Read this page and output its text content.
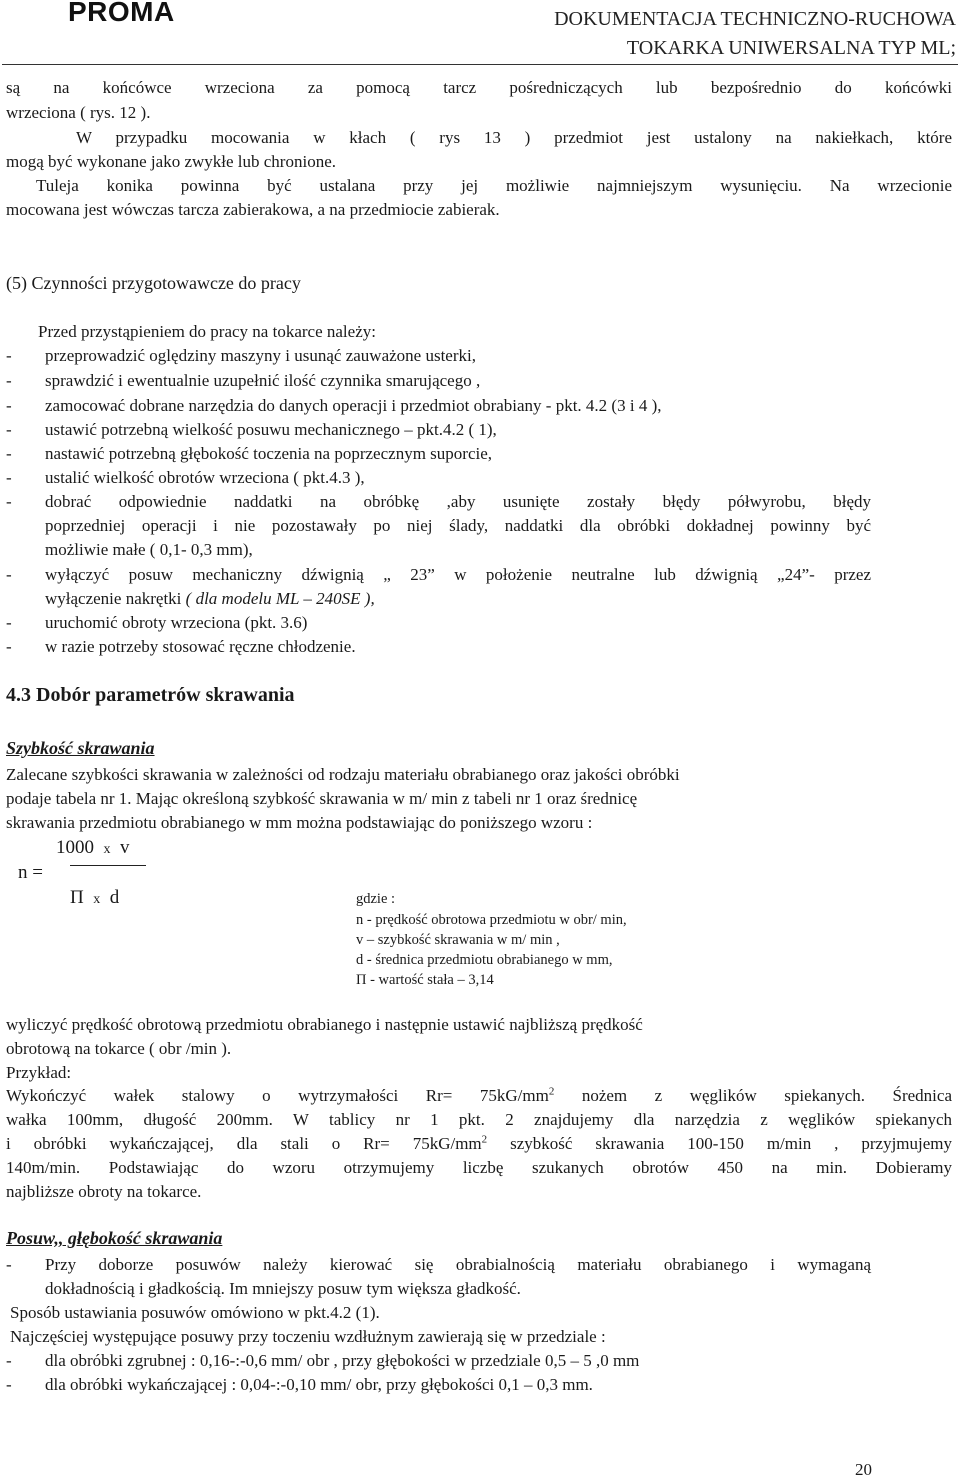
PROMA	DOKUMENTACJA TECHNICZNO-RUCHOWA
TOKARKA UNIWERSALNA TYP ML;
są na końcówce wrzeciona za pomocą tarcz pośredniczących lub bezpośrednio do końcówki
wrzeciona ( rys. 12 ).
W przypadku mocowania w kłach ( rys 13 ) przedmiot jest ustalony na nakiełkach, które
mogą być wykonane jako zwykłe lub chronione.
Tuleja konika powinna być ustalana przy jej możliwie najmniejszym wysunięciu. Na wrzecionie
mocowana jest wówczas tarcza zabierakowa, a na przedmiocie zabierak.
(5) Czynności przygotowawcze do pracy
Przed przystąpieniem do pracy na tokarce należy:
- przeprowadzić oględziny maszyny i usunąć zauważone usterki,
- sprawdzić i ewentualnie uzupełnić ilość czynnika smarującego ,
- zamocować dobrane narzędzia do danych operacji i przedmiot obrabiany - pkt. 4.2 (3 i 4 ),
- ustawić potrzebną wielkość posuwu mechanicznego – pkt.4.2 ( 1),
- nastawić potrzebną głębokość toczenia na poprzecznym suporcie,
- ustalić wielkość obrotów wrzeciona ( pkt.4.3 ),
- dobrać odpowiednie naddatki na obróbkę ,aby usunięte zostały błędy półwyrobu, błędy
poprzedniej operacji i nie pozostawały po niej ślady, naddatki dla obróbki dokładnej powinny być
możliwie małe ( 0,1- 0,3 mm),
- wyłączyć posuw mechaniczny dźwignią „ 23” w położenie neutralne lub dźwignią „24”- przez
wyłączenie nakrętki ( dla modelu ML – 240SE ),
- uruchomić obroty wrzeciona (pkt. 3.6)
- w razie potrzeby stosować ręczne chłodzenie.
4.3 Dobór parametrów skrawania
Szybkość skrawania
Zalecane szybkości skrawania w zależności od rodzaju materiału obrabianego oraz jakości obróbki
podaje tabela nr 1. Mając określoną szybkość skrawania w m/ min z tabeli nr 1 oraz średnicę
skrawania przedmiotu obrabianego w mm można podstawiając do poniższego wzoru :
1000 x v
n =
Π x d	gdzie :
n - prędkość obrotowa przedmiotu w obr/ min,
v – szybkość skrawania w m/ min ,
d - średnica przedmiotu obrabianego w mm,
Π - wartość stała – 3,14
wyliczyć prędkość obrotową przedmiotu obrabianego i następnie ustawić najbliższą prędkość
obrotową na tokarce ( obr /min ).
Przykład:
Wykończyć wałek stalowy o wytrzymałości $Rr= 75kG/mm^2$ nożem z węglików spiekanych. Średnica
wałka 100mm, długość 200mm. W tablicy nr 1 pkt. 2 znajdujemy dla narzędzia z węglików spiekanych
i obróbki wykańczającej, dla stali o $Rr= 75kG/mm^2$ szybkość skrawania 100-150 m/min , przyjmujemy
140m/min. Podstawiając do wzoru otrzymujemy liczbę szukanych obrotów 450 na min. Dobieramy
najbliższe obroty na tokarce.
Posuw,, głębokość skrawania
- Przy doborze posuwów należy kierować się obrabialnością materiału obrabianego i wymaganą
dokładnością i gładkością. Im mniejszy posuw tym większa gładkość.
Sposób ustawiania posuwów omówiono w pkt.4.2 (1).
Najczęściej występujące posuwy przy toczeniu wzdłużnym zawierają się w przedziale :
- dla obróbki zgrubnej : 0,16-:-0,6 mm/ obr , przy głębokości w przedziale 0,5 – 5 ,0 mm
- dla obróbki wykańczającej : 0,04-:-0,10 mm/ obr, przy głębokości 0,1 – 0,3 mm.
20
